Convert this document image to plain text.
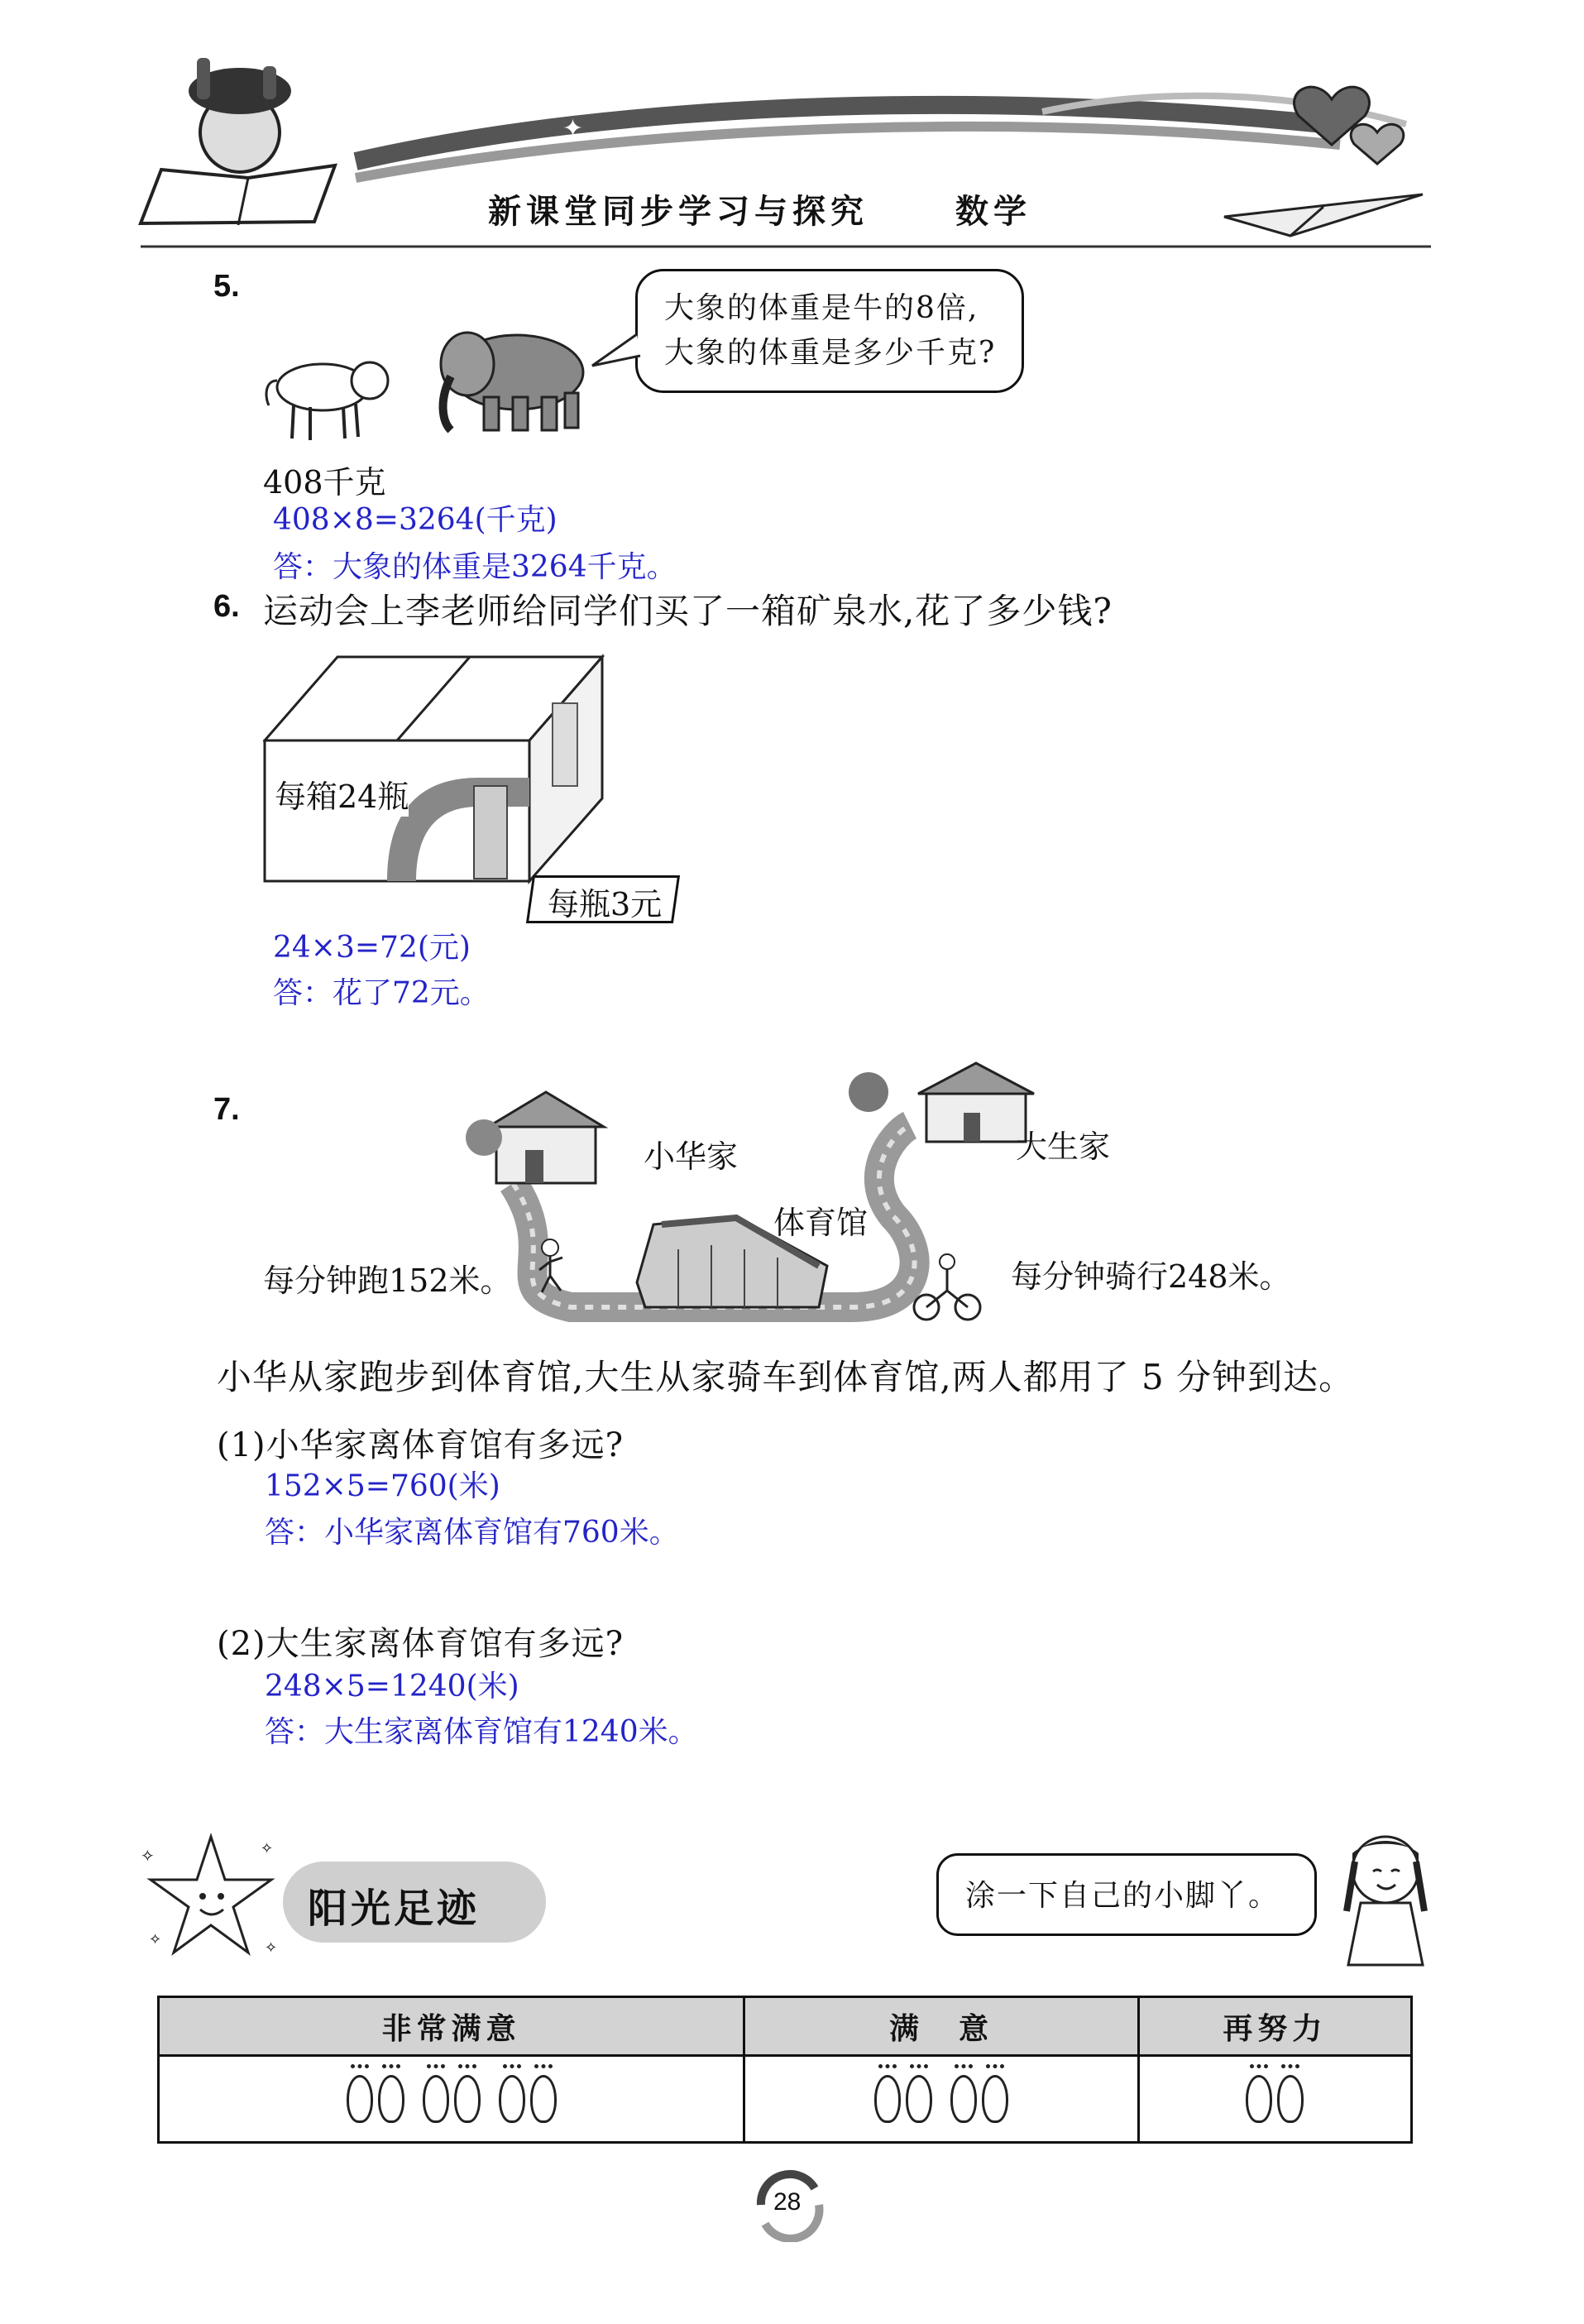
✦	✦
新课堂同步学习与探究	数学
5.
大象的体重是牛的8倍,
大象的体重是多少千克?
408千克
408×8=3264(千克)
答：大象的体重是3264千克。
6. 运动会上李老师给同学们买了一箱矿泉水,花了多少钱?
每箱24瓶
每瓶3元
24×3=72(元)
答：花了72元。
7.
小华家	大生家
体育馆
每分钟跑152米。	每分钟骑行248米。
小华从家跑步到体育馆,大生从家骑车到体育馆,两人都用了 5 分钟到达。
(1)小华家离体育馆有多远?
152×5=760(米)
答：小华家离体育馆有760米。
(2)大生家离体育馆有多远?
248×5=1240(米)
答：大生家离体育馆有1240米。
✧	✧
✧	✧
阳光足迹	涂一下自己的小脚丫。
非常满意	满　意	再努力

28
